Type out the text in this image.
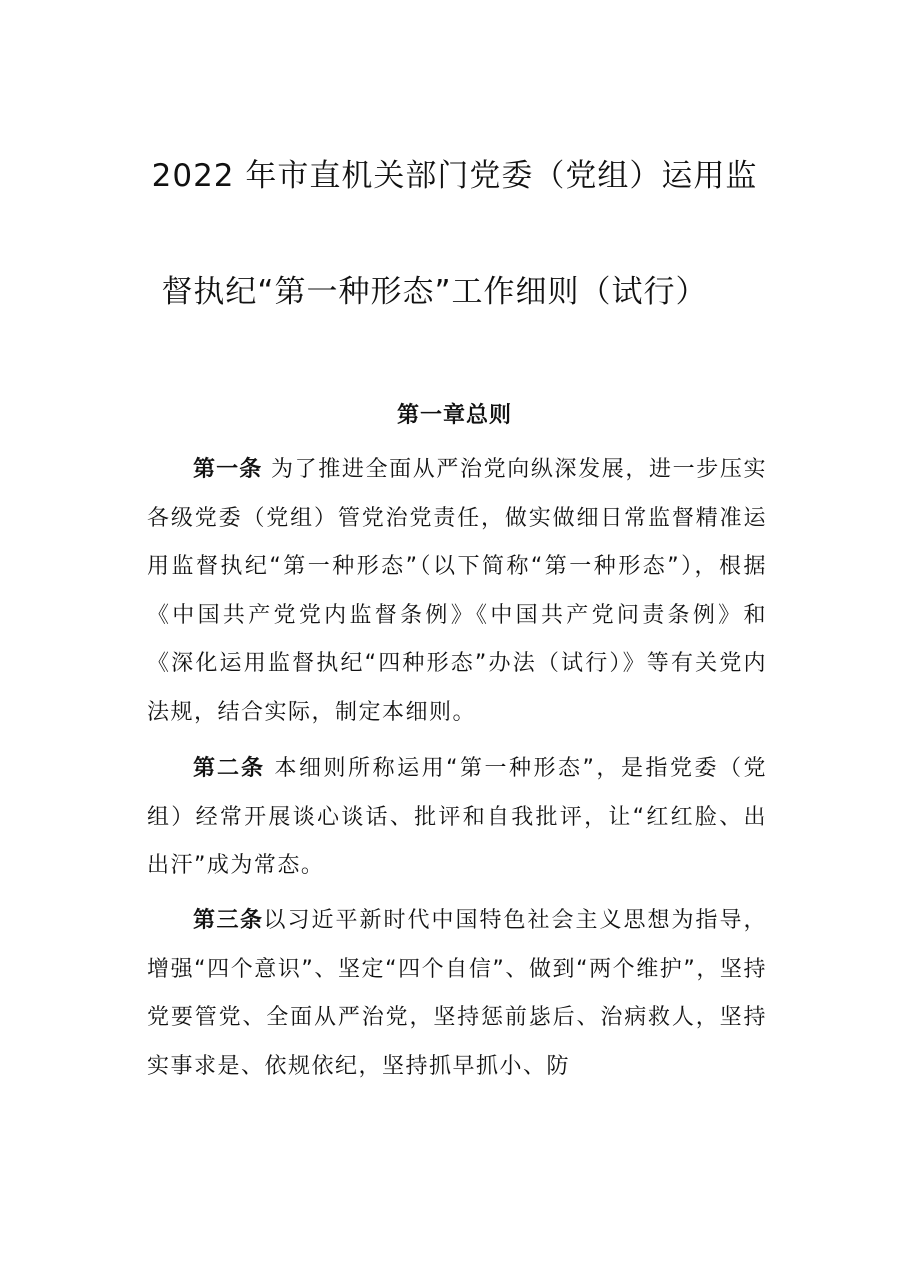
2022 年市直机关部门党委（党组）运用监
督执纪“第一种形态”工作细则（试行）
第一章总则

第一条 为了推进全面从严治党向纵深发展，进一步压实各级党委（党组）管党治党责任，做实做细日常监督精准运用监督执纪“第一种形态”（以下简称“第一种形态”），根据《中国共产党党内监督条例》《中国共产党问责条例》和《深化运用监督执纪“四种形态”办法（试行）》等有关党内法规，结合实际，制定本细则。

第二条 本细则所称运用“第一种形态”，是指党委（党组）经常开展谈心谈话、批评和自我批评，让“红红脸、出出汗”成为常态。

第三条以习近平新时代中国特色社会主义思想为指导，增强“四个意识”、坚定“四个自信”、做到“两个维护”，坚持党要管党、全面从严治党，坚持惩前毖后、治病救人，坚持实事求是、依规依纪，坚持抓早抓小、防
